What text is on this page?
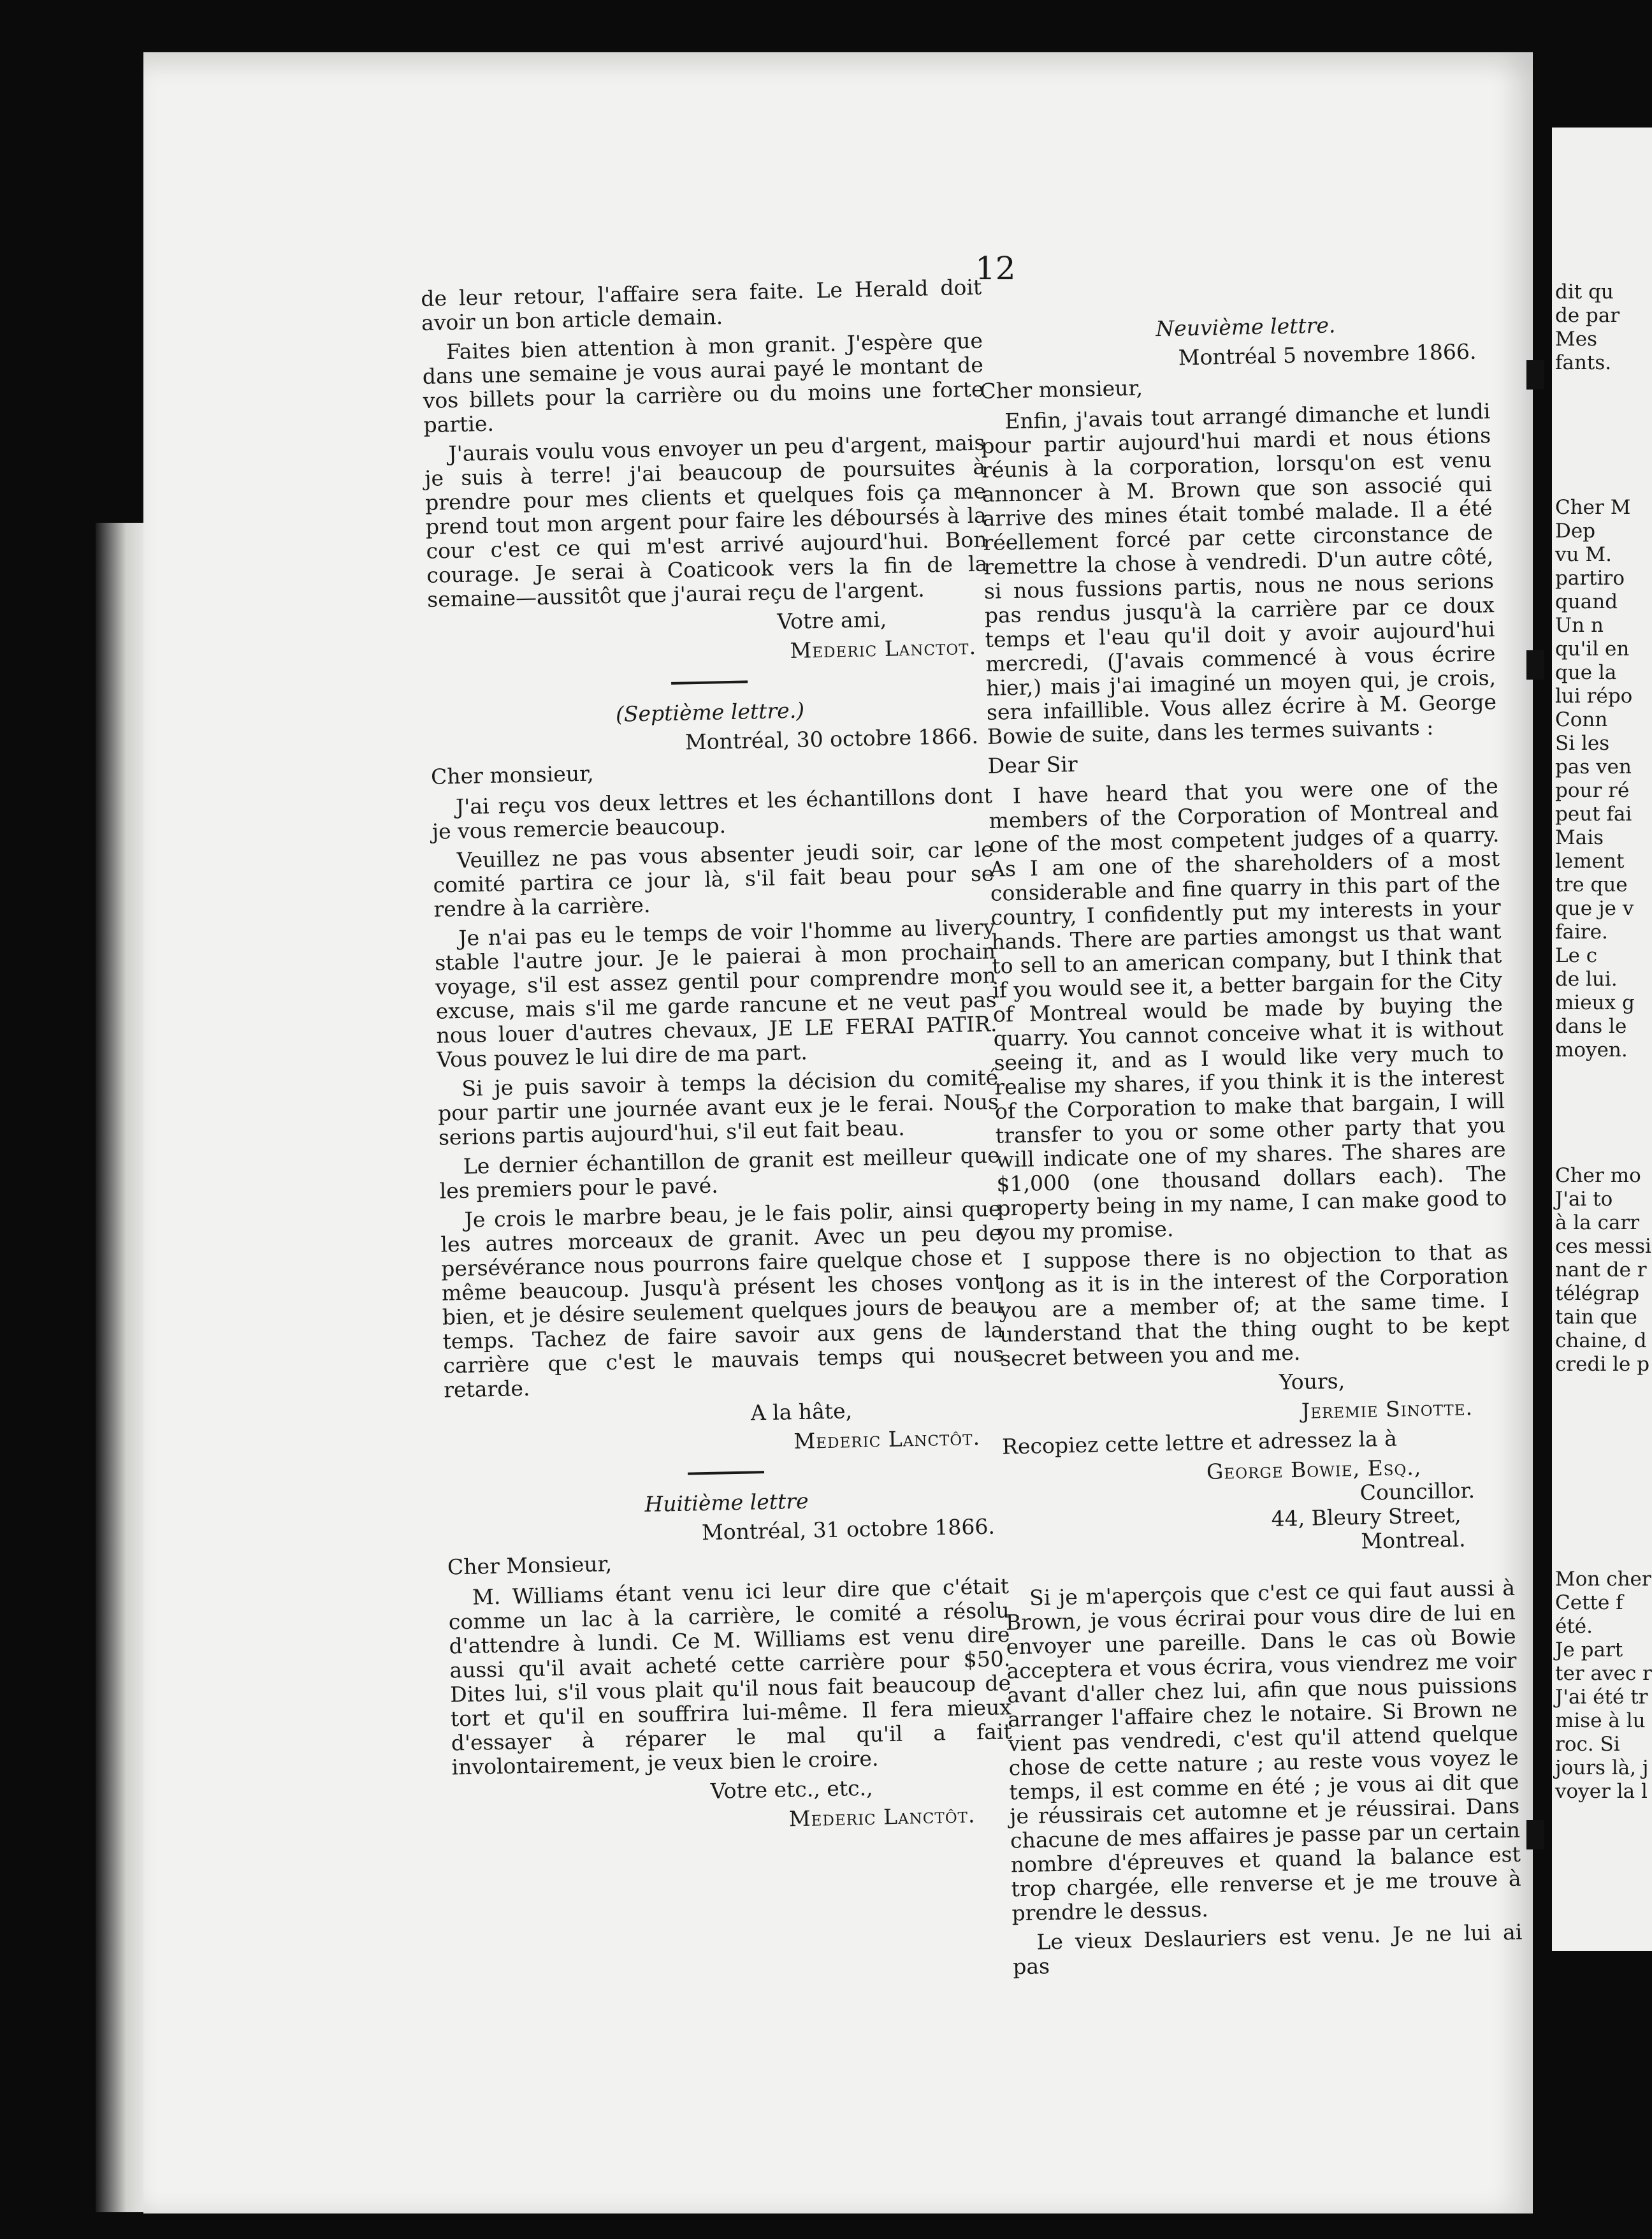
12

de leur retour, l'affaire sera faite. Le Herald doit avoir un bon article demain.

Faites bien attention à mon granit. J'espère que dans une semaine je vous aurai payé le montant de vos billets pour la carrière ou du moins une forte partie.

J'aurais voulu vous envoyer un peu d'argent, mais je suis à terre! j'ai beaucoup de poursuites à prendre pour mes clients et quelques fois ça me prend tout mon argent pour faire les déboursés à la cour c'est ce qui m'est arrivé aujourd'hui. Bon courage. Je serai à Coaticook vers la fin de la semaine—aussitôt que j'aurai reçu de l'argent.

Votre ami,

Mederic Lanctot.

(Septième lettre.)

Montréal, 30 octobre 1866.

Cher monsieur,

J'ai reçu vos deux lettres et les échantillons dont je vous remercie beaucoup.

Veuillez ne pas vous absenter jeudi soir, car le comité partira ce jour là, s'il fait beau pour se rendre à la carrière.

Je n'ai pas eu le temps de voir l'homme au livery stable l'autre jour. Je le paierai à mon prochain voyage, s'il est assez gentil pour comprendre mon excuse, mais s'il me garde rancune et ne veut pas nous louer d'autres chevaux, JE LE FERAI PATIR. Vous pouvez le lui dire de ma part.

Si je puis savoir à temps la décision du comité pour partir une journée avant eux je le ferai. Nous serions partis aujourd'hui, s'il eut fait beau.

Le dernier échantillon de granit est meilleur que les premiers pour le pavé.

Je crois le marbre beau, je le fais polir, ainsi que les autres morceaux de granit. Avec un peu de persévérance nous pourrons faire quelque chose et même beaucoup. Jusqu'à présent les choses vont bien, et je désire seulement quelques jours de beau temps. Tachez de faire savoir aux gens de la carrière que c'est le mauvais temps qui nous retarde.

A la hâte,

Mederic Lanctôt.

Huitième lettre

Montréal, 31 octobre 1866.

Cher Monsieur,

M. Williams étant venu ici leur dire que c'était comme un lac à la carrière, le comité a résolu d'attendre à lundi. Ce M. Williams est venu dire aussi qu'il avait acheté cette carrière pour $50. Dites lui, s'il vous plait qu'il nous fait beaucoup de tort et qu'il en souffrira lui-même. Il fera mieux d'essayer à réparer le mal qu'il a fait involontairement, je veux bien le croire.

Votre etc., etc.,

Mederic Lanctôt.

Neuvième lettre.

Montréal 5 novembre 1866.

Cher monsieur,

Enfin, j'avais tout arrangé dimanche et lundi pour partir aujourd'hui mardi et nous étions réunis à la corporation, lorsqu'on est venu annoncer à M. Brown que son associé qui arrive des mines était tombé malade. Il a été réellement forcé par cette circonstance de remettre la chose à vendredi. D'un autre côté, si nous fussions partis, nous ne nous serions pas rendus jusqu'à la carrière par ce doux temps et l'eau qu'il doit y avoir aujourd'hui mercredi, (J'avais commencé à vous écrire hier,) mais j'ai imaginé un moyen qui, je crois, sera infaillible. Vous allez écrire à M. George Bowie de suite, dans les termes suivants :

Dear Sir

I have heard that you were one of the members of the Corporation of Montreal and one of the most competent judges of a quarry. As I am one of the shareholders of a most considerable and fine quarry in this part of the country, I confidently put my interests in your hands. There are parties amongst us that want to sell to an american company, but I think that if you would see it, a better bargain for the City of Montreal would be made by buying the quarry. You cannot conceive what it is without seeing it, and as I would like very much to realise my shares, if you think it is the interest of the Corporation to make that bargain, I will transfer to you or some other party that you will indicate one of my shares. The shares are $1,000 (one thousand dollars each). The property being in my name, I can make good to you my promise.

I suppose there is no objection to that as long as it is in the interest of the Corporation you are a member of; at the same time. I understand that the thing ought to be kept secret between you and me.

Yours,

Jeremie Sinotte.

Recopiez cette lettre et adressez la à

George Bowie, Esq.,
Councillor.
44, Bleury Street,
Montreal.

Si je m'aperçois que c'est ce qui faut aussi à Brown, je vous écrirai pour vous dire de lui en envoyer une pareille. Dans le cas où Bowie acceptera et vous écrira, vous viendrez me voir avant d'aller chez lui, afin que nous puissions arranger l'affaire chez le notaire. Si Brown ne vient pas vendredi, c'est qu'il attend quelque chose de cette nature ; au reste vous voyez le temps, il est comme en été ; je vous ai dit que je réussirais cet automne et je réussirai. Dans chacune de mes affaires je passe par un certain nombre d'épreuves et quand la balance est trop chargée, elle renverse et je me trouve à prendre le dessus.

Le vieux Deslauriers est venu. Je ne lui ai pas

dit qu
de par
Mes
fants.
Cher M
Dep
vu M.
partiro
quand
Un n
qu'il en
que la
lui répo
Conn
Si les
pas ven
pour ré
peut fai
Mais
lement
tre que
que je v
faire.
Le c
de lui.
mieux g
dans le
moyen.
Cher mo
J'ai to
à la carr
ces messi
nant de r
télégrap
tain que
chaine, d
credi le p
Mon cher
Cette f
été.
Je part
ter avec r
J'ai été tr
mise à lu
roc. Si
jours là, j
voyer la l
